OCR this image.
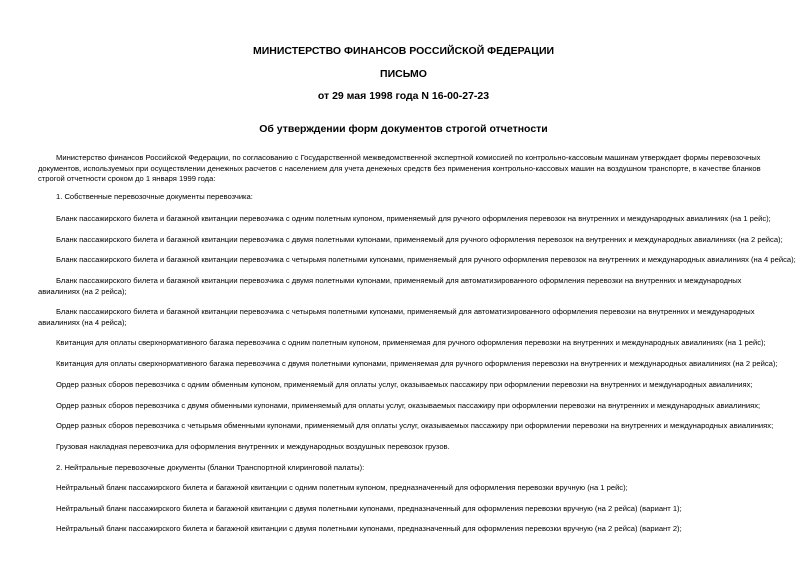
МИНИСТЕРСТВО ФИНАНСОВ РОССИЙСКОЙ ФЕДЕРАЦИИ
ПИСЬМО
от 29 мая 1998 года N 16-00-27-23
Об утверждении форм документов строгой отчетности

Министерство финансов Российской Федерации, по согласованию с Государственной межведомственной экспертной комиссией по контрольно-кассовым машинам утверждает формы перевозочных документов, используемых при осуществлении денежных расчетов с населением для учета денежных средств без применения контрольно-кассовых машин на воздушном транспорте, в качестве бланков строгой отчетности сроком до 1 января 1999 года:

1. Собственные перевозочные документы перевозчика:

Бланк пассажирского билета и багажной квитанции перевозчика с одним полетным купоном, применяемый для ручного оформления перевозок на внутренних и международных авиалиниях (на 1 рейс);

Бланк пассажирского билета и багажной квитанции перевозчика с двумя полетными купонами, применяемый для ручного оформления перевозок на внутренних и международных авиалиниях (на 2 рейса);

Бланк пассажирского билета и багажной квитанции перевозчика с четырьмя полетными купонами, применяемый для ручного оформления перевозок на внутренних и международных авиалиниях (на 4 рейса);

Бланк пассажирского билета и багажной квитанции перевозчика с двумя полетными купонами, применяемый для автоматизированного оформления перевозки на внутренних и международных авиалиниях (на 2 рейса);

Бланк пассажирского билета и багажной квитанции перевозчика с четырьмя полетными купонами, применяемый для автоматизированного оформления перевозки на внутренних и международных авиалиниях (на 4 рейса);

Квитанция для оплаты сверхнормативного багажа перевозчика с одним полетным купоном, применяемая для ручного оформления перевозки на внутренних и международных авиалиниях (на 1 рейс);

Квитанция для оплаты сверхнормативного багажа перевозчика с двумя полетными купонами, применяемая для ручного оформления перевозки на внутренних и международных авиалиниях (на 2 рейса);

Ордер разных сборов перевозчика с одним обменным купоном, применяемый для оплаты услуг, оказываемых пассажиру при оформлении перевозки на внутренних и международных авиалиниях;

Ордер разных сборов перевозчика с двумя обменными купонами, применяемый для оплаты услуг, оказываемых пассажиру при оформлении перевозки на внутренних и международных авиалиниях;

Ордер разных сборов перевозчика с четырьмя обменными купонами, применяемый для оплаты услуг, оказываемых пассажиру при оформлении перевозки на внутренних и международных авиалиниях;

Грузовая накладная перевозчика для оформления внутренних и международных воздушных перевозок грузов.

2. Нейтральные перевозочные документы (бланки Транспортной клиринговой палаты):

Нейтральный бланк пассажирского билета и багажной квитанции с одним полетным купоном, предназначенный для оформления перевозки вручную (на 1 рейс);

Нейтральный бланк пассажирского билета и багажной квитанции с двумя полетными купонами, предназначенный для оформления перевозки вручную (на 2 рейса) (вариант 1);

Нейтральный бланк пассажирского билета и багажной квитанции с двумя полетными купонами, предназначенный для оформления перевозки вручную (на 2 рейса) (вариант 2);
